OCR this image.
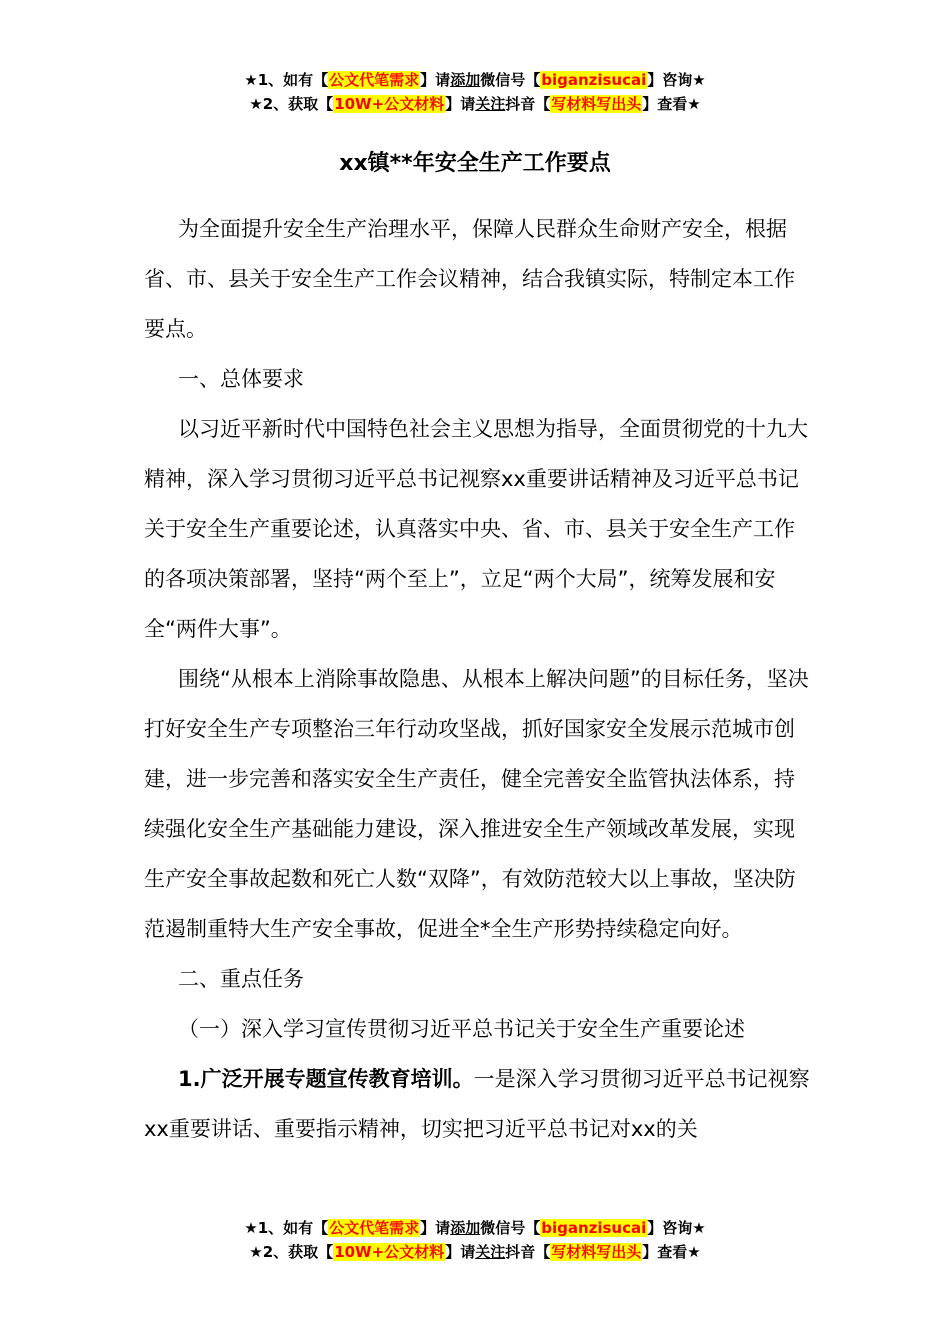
★1、如有【公文代笔需求】请添加微信号【biganzisucai】咨询★
★2、获取【10W+公文材料】请关注抖音【写材料写出头】查看★
xx镇**年安全生产工作要点

为全面提升安全生产治理水平，保障人民群众生命财产安全，根据省、市、县关于安全生产工作会议精神，结合我镇实际，特制定本工作要点。

一、总体要求

以习近平新时代中国特色社会主义思想为指导，全面贯彻党的十九大精神，深入学习贯彻习近平总书记视察xx重要讲话精神及习近平总书记关于安全生产重要论述，认真落实中央、省、市、县关于安全生产工作的各项决策部署，坚持“两个至上”，立足“两个大局”，统筹发展和安全“两件大事”。

围绕“从根本上消除事故隐患、从根本上解决问题”的目标任务，坚决打好安全生产专项整治三年行动攻坚战，抓好国家安全发展示范城市创建，进一步完善和落实安全生产责任，健全完善安全监管执法体系，持续强化安全生产基础能力建设，深入推进安全生产领域改革发展，实现生产安全事故起数和死亡人数“双降”，有效防范较大以上事故，坚决防范遏制重特大生产安全事故，促进全*全生产形势持续稳定向好。

二、重点任务

（一）深入学习宣传贯彻习近平总书记关于安全生产重要论述

1.广泛开展专题宣传教育培训。一是深入学习贯彻习近平总书记视察xx重要讲话、重要指示精神，切实把习近平总书记对xx的关

★1、如有【公文代笔需求】请添加微信号【biganzisucai】咨询★
★2、获取【10W+公文材料】请关注抖音【写材料写出头】查看★
